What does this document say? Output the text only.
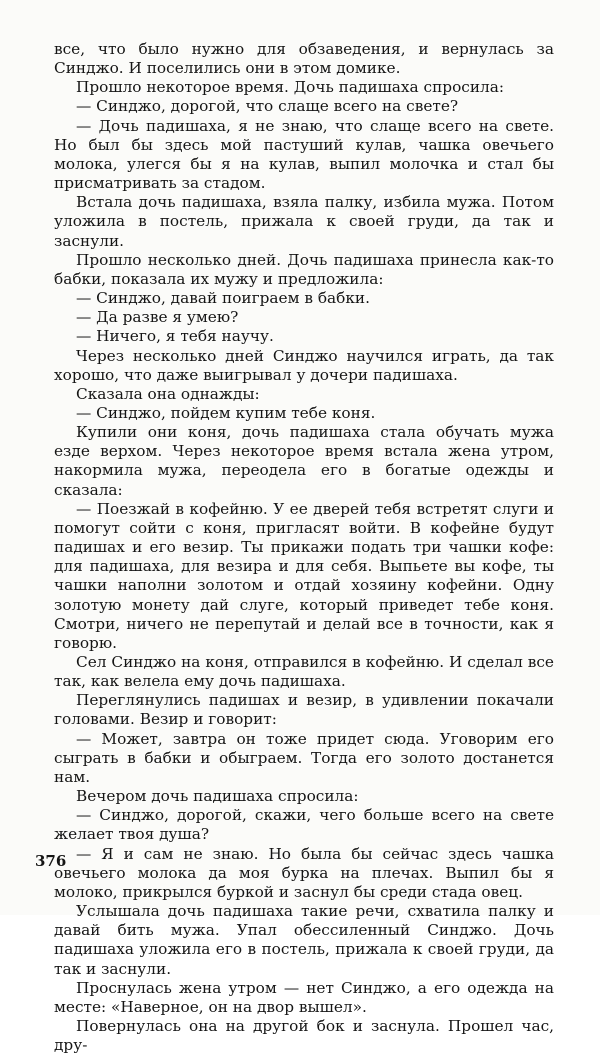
все, что было нужно для обзаведения, и вернулась за Синджо. И поселились они в этом домике.

Прошло некоторое время. Дочь падишаха спросила:

— Синджо, дорогой, что слаще всего на свете?

— Дочь падишаха, я не знаю, что слаще всего на свете. Но был бы здесь мой пастуший кулав, чашка овечьего молока, улегся бы я на кулав, выпил молочка и стал бы присматривать за стадом.

Встала дочь падишаха, взяла палку, избила мужа. Потом уложила в постель, прижала к своей груди, да так и заснули.

Прошло несколько дней. Дочь падишаха принесла как-то бабки, показала их мужу и предложила:

— Синджо, давай поиграем в бабки.

— Да разве я умею?

— Ничего, я тебя научу.

Через несколько дней Синджо научился играть, да так хорошо, что даже выигрывал у дочери падишаха.

Сказала она однажды:

— Синджо, пойдем купим тебе коня.

Купили они коня, дочь падишаха стала обучать мужа езде верхом. Через некоторое время встала жена утром, накормила мужа, переодела его в богатые одежды и сказала:

— Поезжай в кофейню. У ее дверей тебя встретят слуги и помогут сойти с коня, пригласят войти. В кофейне будут падишах и его везир. Ты прикажи подать три чашки кофе: для падишаха, для везира и для себя. Выпьете вы кофе, ты чашки наполни золотом и отдай хозяину кофейни. Одну золотую монету дай слуге, который приведет тебе коня. Смотри, ничего не перепутай и делай все в точности, как я говорю.

Сел Синджо на коня, отправился в кофейню. И сделал все так, как велела ему дочь падишаха.

Переглянулись падишах и везир, в удивлении покачали головами. Везир и говорит:

— Может, завтра он тоже придет сюда. Уговорим его сыграть в бабки и обыграем. Тогда его золото достанется нам.

Вечером дочь падишаха спросила:

— Синджо, дорогой, скажи, чего больше всего на свете желает твоя душа?

— Я и сам не знаю. Но была бы сейчас здесь чашка овечьего молока да моя бурка на плечах. Выпил бы я молоко, прикрылся буркой и заснул бы среди стада овец.

Услышала дочь падишаха такие речи, схватила палку и давай бить мужа. Упал обессиленный Синджо. Дочь падишаха уложила его в постель, прижала к своей груди, да так и заснули.

Проснулась жена утром — нет Синджо, а его одежда на месте: «Наверное, он на двор вышел».

Повернулась она на другой бок и заснула. Прошел час, дру-

376
